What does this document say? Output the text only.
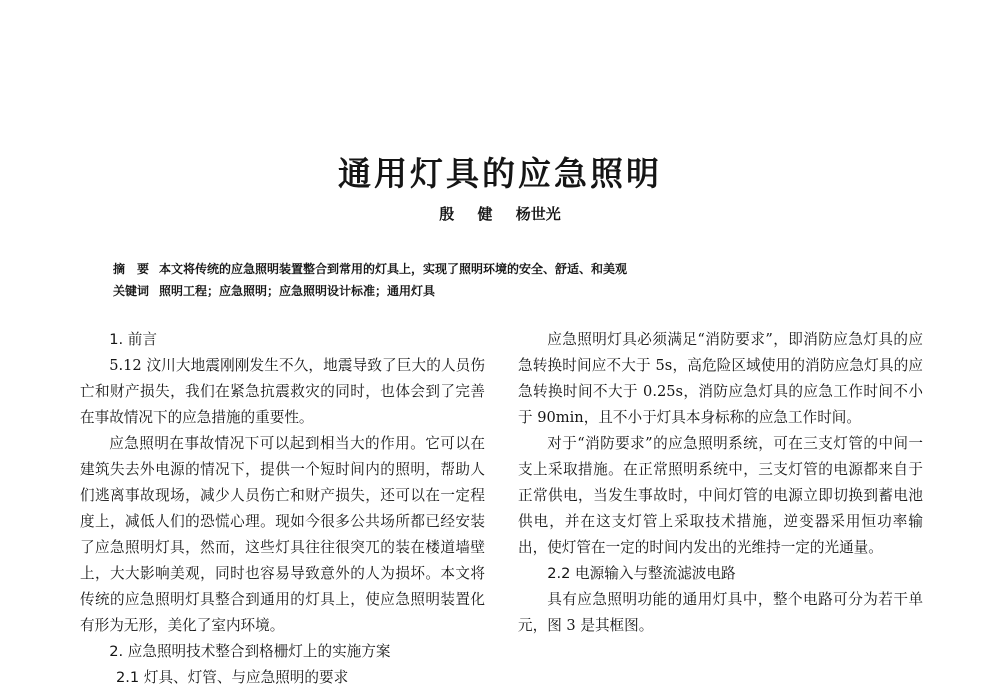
通用灯具的应急照明
殷 健 杨世光
摘　要 本文将传统的应急照明装置整合到常用的灯具上，实现了照明环境的安全、舒适、和美观
关键词 照明工程；应急照明；应急照明设计标准；通用灯具
1. 前言

5.12 汶川大地震刚刚发生不久，地震导致了巨大的人员伤亡和财产损失，我们在紧急抗震救灾的同时，也体会到了完善在事故情况下的应急措施的重要性。

应急照明在事故情况下可以起到相当大的作用。它可以在建筑失去外电源的情况下，提供一个短时间内的照明，帮助人们逃离事故现场，减少人员伤亡和财产损失，还可以在一定程度上，减低人们的恐慌心理。现如今很多公共场所都已经安装了应急照明灯具，然而，这些灯具往往很突兀的装在楼道墙壁上，大大影响美观，同时也容易导致意外的人为损坏。本文将传统的应急照明灯具整合到通用的灯具上，使应急照明装置化有形为无形，美化了室内环境。

2. 应急照明技术整合到格栅灯上的实施方案
2.1 灯具、灯管、与应急照明的要求

应急照明灯具必须满足“消防要求”，即消防应急灯具的应急转换时间应不大于 5s，高危险区域使用的消防应急灯具的应急转换时间不大于 0.25s，消防应急灯具的应急工作时间不小于 90min，且不小于灯具本身标称的应急工作时间。

对于“消防要求”的应急照明系统，可在三支灯管的中间一支上采取措施。在正常照明系统中，三支灯管的电源都来自于正常供电，当发生事故时，中间灯管的电源立即切换到蓄电池供电，并在这支灯管上采取技术措施，逆变器采用恒功率输出，使灯管在一定的时间内发出的光维持一定的光通量。

2.2 电源输入与整流滤波电路

具有应急照明功能的通用灯具中，整个电路可分为若干单元，图 3 是其框图。
